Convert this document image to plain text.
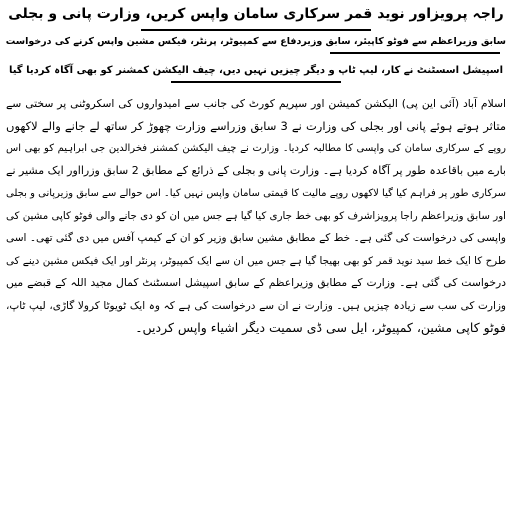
راجہ پرویزاور نوید قمر سرکاری سامان واپس کریں، وزارت پانی و بجلی
سابق وزیراعظم سے فوٹو کاپیئر، سابق وزیردفاع سے کمپیوٹر، پرنٹر، فیکس مشین واپس کرنے کی درخواست
اسپیشل اسسٹنٹ نے کار، لیپ ٹاپ و دیگر چیزیں نہیں دیں، چیف الیکشن کمشنر کو بھی آگاہ کردیا گیا
اسلام آباد (آئی این پی) الیکشن کمیشن اور سپریم کورٹ کی جانب سے امیدواروں کی اسکروٹنی پر سختی سے
متاثر ہوتے ہوئے پانی اور بجلی کی وزارت نے 3 سابق وزراسے وزارت چھوڑ کر ساتھ لے جانے والے لاکھوں
روپے کے سرکاری سامان کی واپسی کا مطالبہ کردیا۔ وزارت نے چیف الیکشن کمشنر فخرالدین جی ابراہیم کو بھی اس
بارے میں باقاعدہ طور پر آگاہ کردیا ہے۔ وزارت پانی و بجلی کے ذرائع کے مطابق 2 سابق وزرااور ایک مشیر نے
سرکاری طور پر فراہم کیا گیا لاکھوں روپے مالیت کا قیمتی سامان واپس نہیں کیا۔ اس حوالے سے سابق وزیرپانی و بجلی
اور سابق وزیراعظم راجا پرویزاشرف کو بھی خط جاری کیا گیا ہے جس میں ان کو دی جانے والی فوٹو کاپی مشین کی
واپسی کی درخواست کی گئی ہے۔ خط کے مطابق مشین سابق وزیر کو ان کے کیمپ آفس میں دی گئی تھی۔ اسی
طرح کا ایک خط سید نوید قمر کو بھی بھیجا گیا ہے جس میں ان سے ایک کمپیوٹر، پرنٹر اور ایک فیکس مشین دینے کی
درخواست کی گئی ہے۔ وزارت کے مطابق وزیراعظم کے سابق اسپیشل اسسٹنٹ کمال مجید اللہ کے قبضے میں
وزارت کی سب سے زیادہ چیزیں ہیں۔ وزارت نے ان سے درخواست کی ہے کہ وہ ایک ٹویوٹا کرولا گاڑی، لیپ ٹاپ،
فوٹو کاپی مشین، کمپیوٹر، ایل سی ڈی سمیت دیگر اشیاء واپس کردیں۔
